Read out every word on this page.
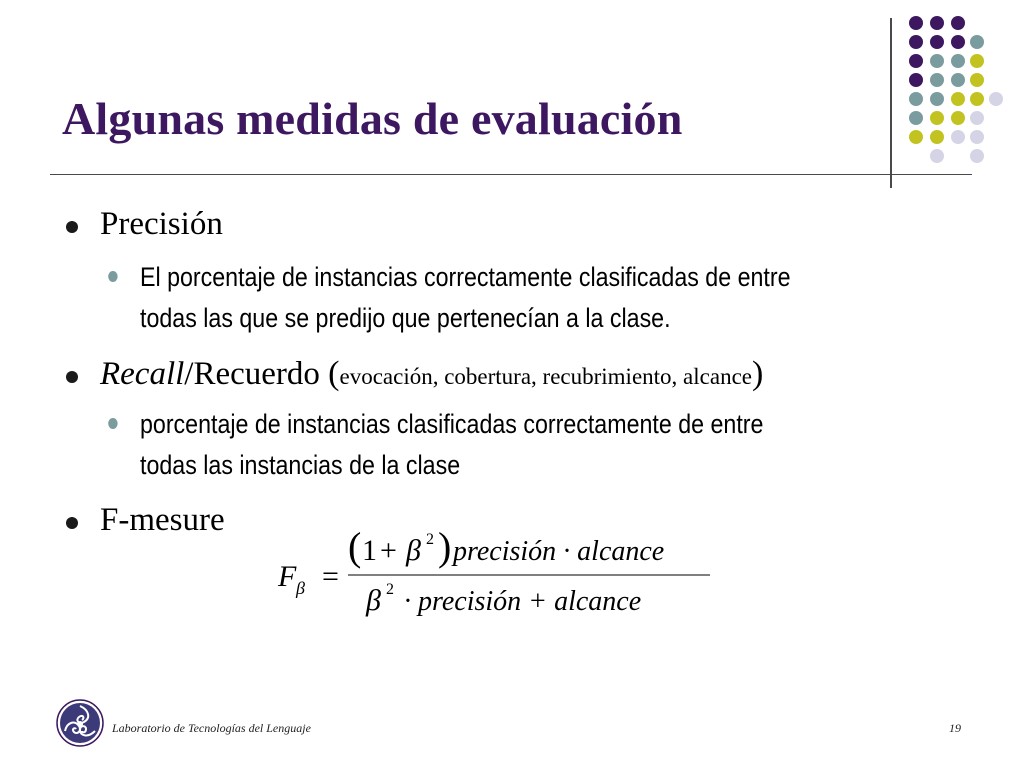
Algunas medidas de evaluación
Precisión
El porcentaje de instancias correctamente clasificadas de entre
todas las que se predijo que pertenecían a la clase.
Recall/Recuerdo (evocación, cobertura, recubrimiento, alcance)
porcentaje de instancias clasificadas correctamente de entre
todas las instancias de la clase
F-mesure
F β =
( 1 + β 2 ) precisión · alcance
β 2 · precisión + alcance
Laboratorio de Tecnologías del Lenguaje	19
